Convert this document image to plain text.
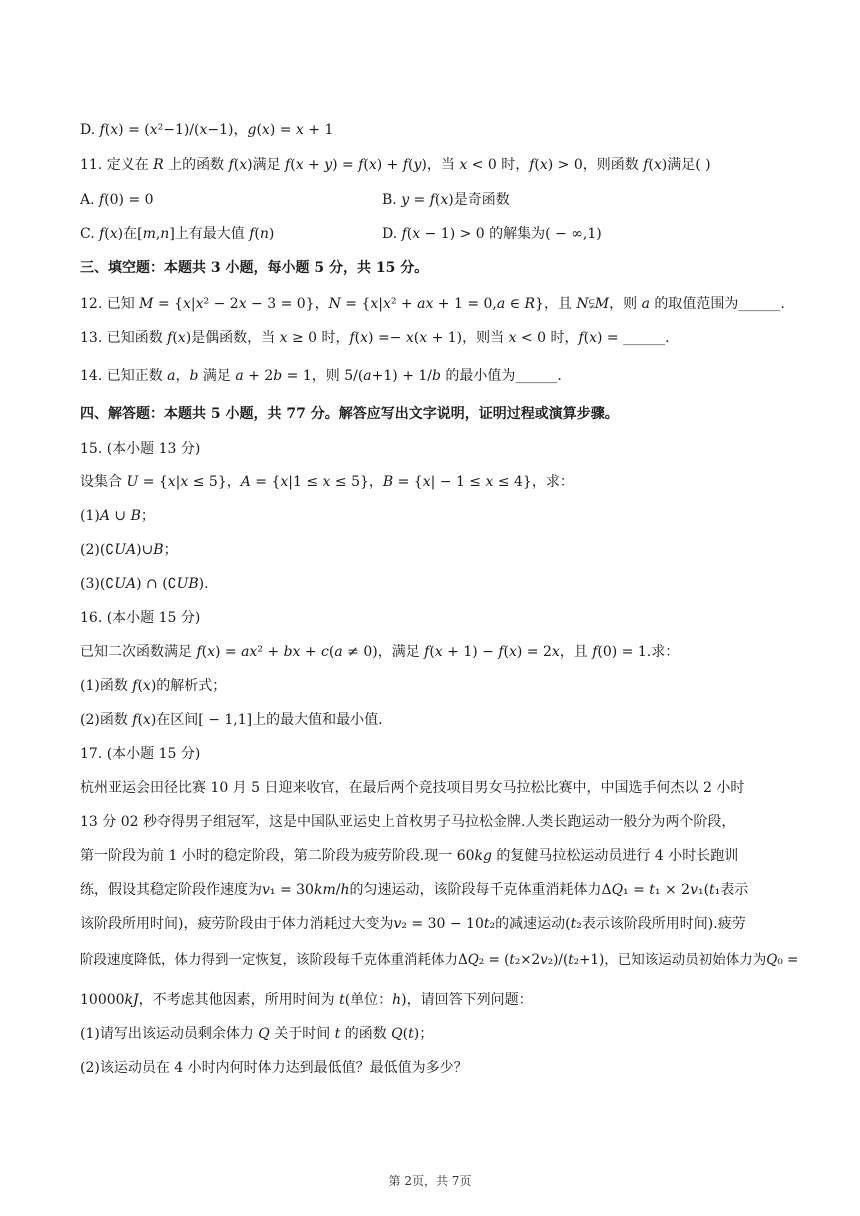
D. 𝑓(𝑥) = (𝑥²−1)/(𝑥−1)，𝑔(𝑥) = 𝑥 + 1
11. 定义在 𝑅 上的函数 𝑓(𝑥)满足 𝑓(𝑥 + 𝑦) = 𝑓(𝑥) + 𝑓(𝑦)，当 𝑥 < 0 时，𝑓(𝑥) > 0，则函数 𝑓(𝑥)满足( )
A. 𝑓(0) = 0	B. 𝑦 = 𝑓(𝑥)是奇函数
C. 𝑓(𝑥)在[𝑚,𝑛]上有最大值 𝑓(𝑛)	D. 𝑓(𝑥 − 1) > 0 的解集为( − ∞,1)
三、填空题：本题共 3 小题，每小题 5 分，共 15 分。
12. 已知 𝑀 = {𝑥|𝑥² − 2𝑥 − 3 = 0}，𝑁 = {𝑥|𝑥² + 𝑎𝑥 + 1 = 0,𝑎 ∈ 𝑅}，且 𝑁⫋𝑀，则 𝑎 的取值范围为______.
13. 已知函数 𝑓(𝑥)是偶函数，当 𝑥 ≥ 0 时，𝑓(𝑥) =− 𝑥(𝑥 + 1)，则当 𝑥 < 0 时，𝑓(𝑥) = ______.
14. 已知正数 𝑎，𝑏 满足 𝑎 + 2𝑏 = 1，则 5/(𝑎+1) + 1/𝑏 的最小值为______.
四、解答题：本题共 5 小题，共 77 分。解答应写出文字说明，证明过程或演算步骤。
15. (本小题 13 分)
设集合 𝑈 = {𝑥|𝑥 ≤ 5}，𝐴 = {𝑥|1 ≤ 𝑥 ≤ 5}，𝐵 = {𝑥| − 1 ≤ 𝑥 ≤ 4}，求：
(1)𝐴 ∪ 𝐵；
(2)(∁𝑈𝐴)∪𝐵；
(3)(∁𝑈𝐴) ∩ (∁𝑈𝐵).
16. (本小题 15 分)
已知二次函数满足 𝑓(𝑥) = 𝑎𝑥² + 𝑏𝑥 + 𝑐(𝑎 ≠ 0)，满足 𝑓(𝑥 + 1) − 𝑓(𝑥) = 2𝑥，且 𝑓(0) = 1.求：
(1)函数 𝑓(𝑥)的解析式；
(2)函数 𝑓(𝑥)在区间[ − 1,1]上的最大值和最小值.
17. (本小题 15 分)
杭州亚运会田径比赛 10 月 5 日迎来收官，在最后两个竞技项目男女马拉松比赛中，中国选手何杰以 2 小时
13 分 02 秒夺得男子组冠军，这是中国队亚运史上首枚男子马拉松金牌.人类长跑运动一般分为两个阶段，
第一阶段为前 1 小时的稳定阶段，第二阶段为疲劳阶段.现一 60𝑘𝑔 的复健马拉松运动员进行 4 小时长跑训
练，假设其稳定阶段作速度为𝑣₁ = 30𝑘𝑚/ℎ的匀速运动，该阶段每千克体重消耗体力Δ𝑄₁ = 𝑡₁ × 2𝑣₁(𝑡₁表示
该阶段所用时间)，疲劳阶段由于体力消耗过大变为𝑣₂ = 30 − 10𝑡₂的减速运动(𝑡₂表示该阶段所用时间).疲劳
阶段速度降低，体力得到一定恢复，该阶段每千克体重消耗体力Δ𝑄₂ = (𝑡₂×2𝑣₂)/(𝑡₂+1)，已知该运动员初始体力为𝑄₀ =
10000𝑘𝐽，不考虑其他因素，所用时间为 𝑡(单位：ℎ)，请回答下列问题：
(1)请写出该运动员剩余体力 𝑄 关于时间 𝑡 的函数 𝑄(𝑡)；
(2)该运动员在 4 小时内何时体力达到最低值？最低值为多少？
第 2页，共 7页
